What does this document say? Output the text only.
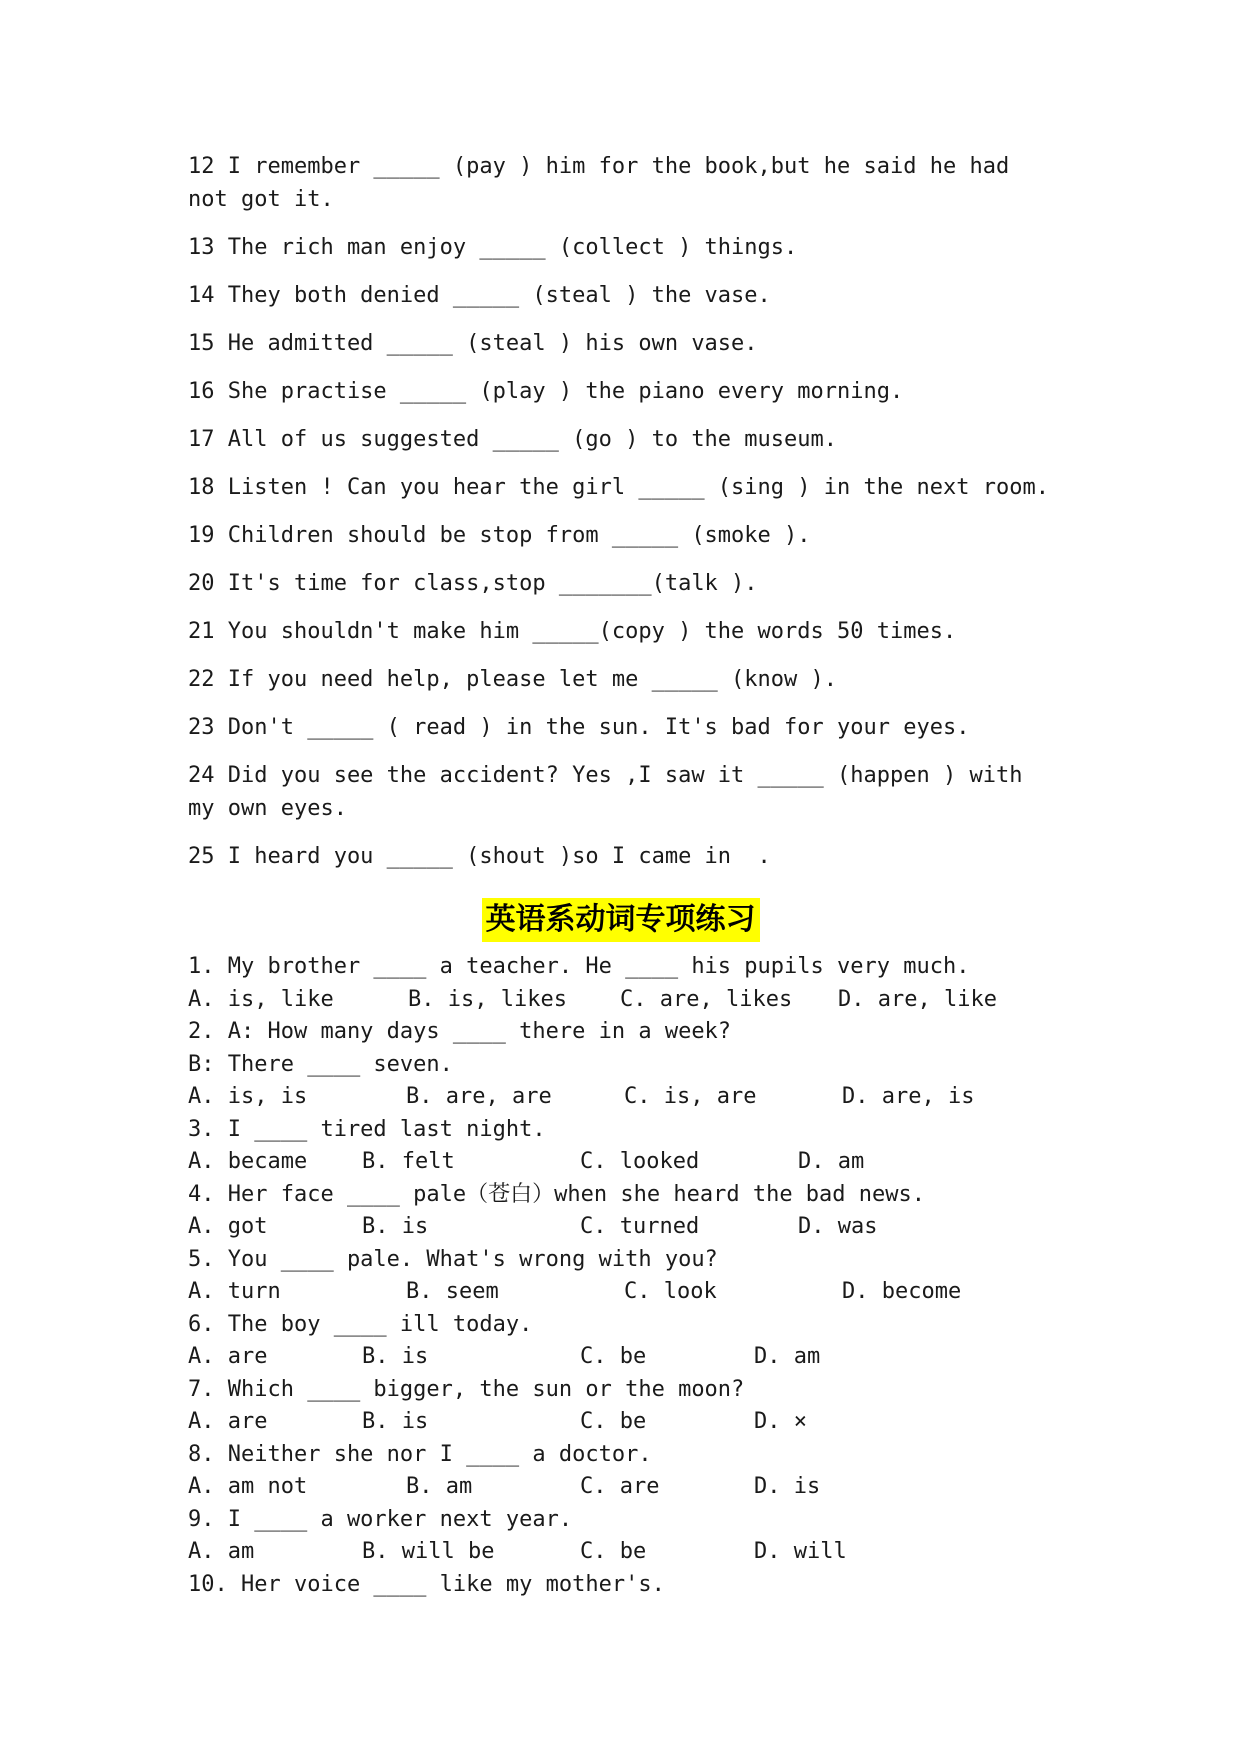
12 I remember _____ (pay ) him for the book,but he said he had not got it.

13 The rich man enjoy _____ (collect ) things.

14 They both denied _____ (steal ) the vase.

15 He admitted _____ (steal ) his own vase.

16 She practise _____ (play ) the piano every morning.

17 All of us suggested _____ (go ) to the museum.

18 Listen ! Can you hear the girl _____ (sing ) in the next room.

19 Children should be stop from _____ (smoke ).

20 It's time for class,stop _______(talk ).

21 You shouldn't make him _____(copy ) the words 50 times.

22 If you need help, please let me _____ (know ).

23 Don't _____ ( read ) in the sun. It's bad for your eyes.

24 Did you see the accident? Yes ,I saw it _____ (happen ) with my own eyes.

25 I heard you _____ (shout )so I came in  .

英语系动词专项练习

1. My brother ____ a teacher. He ____ his pupils very much.

A. is, like	B. is, likes	C. are, likes	D. are, like

2. A: How many days ____ there in a week?

B: There ____ seven.

A. is, is	B. are, are	C. is, are	D. are, is

3. I ____ tired last night.

A. became	B. felt	C. looked	D. am

4. Her face ____ pale（苍白）when she heard the bad news.

A. got	B. is	C. turned	D. was

5. You ____ pale. What's wrong with you?

A. turn	B. seem	C. look	D. become

6. The boy ____ ill today.

A. are	B. is	C. be	D. am

7. Which ____ bigger, the sun or the moon?

A. are	B. is	C. be	D. ×

8. Neither she nor I ____ a doctor.

A. am not	B. am	C. are	D. is

9. I ____ a worker next year.

A. am	B. will be	C. be	D. will

10. Her voice ____ like my mother's.
